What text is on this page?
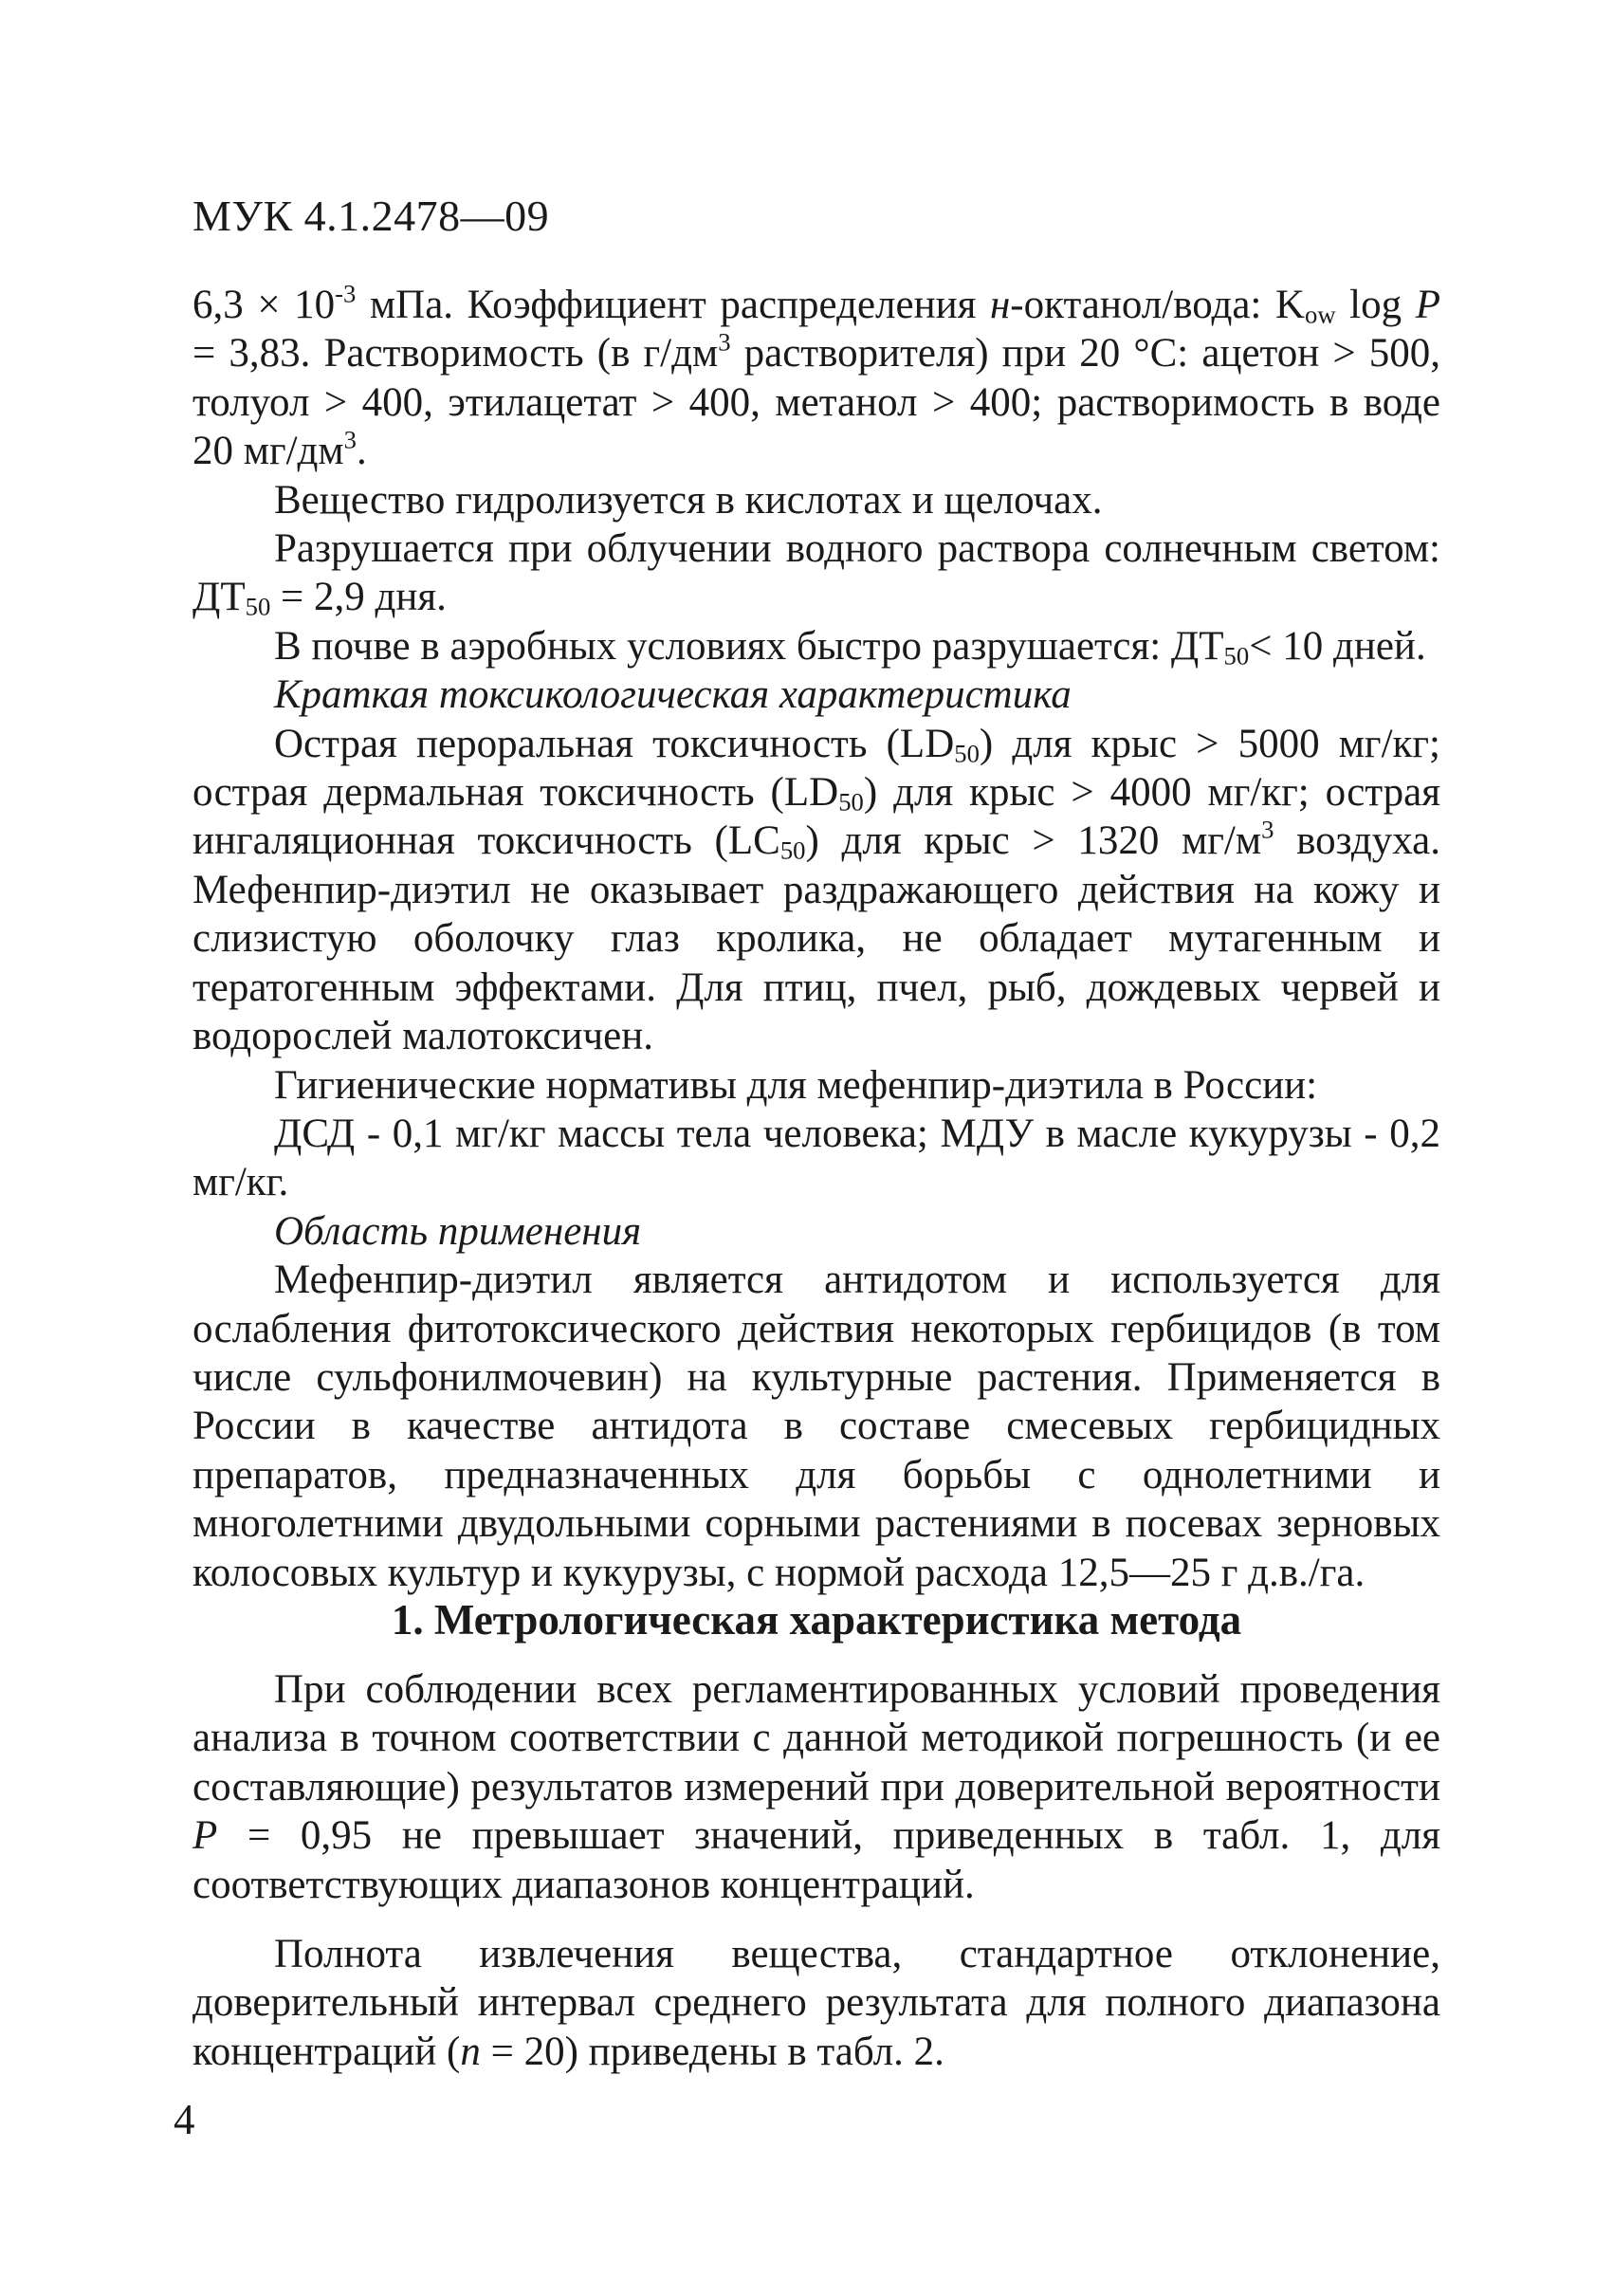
МУК 4.1.2478—09

$6,3 \times 10^{-3}$ мПа. Коэффициент распределения н-октанол/вода: $K_{ow}$ log P = 3,83. Растворимость (в $г/дм^3$ растворителя) при 20 °C: ацетон > 500, толуол > 400, этилацетат > 400, метанол > 400; растворимость в воде 20 $мг/дм^3$.

Вещество гидролизуется в кислотах и щелочах.

Разрушается при облучении водного раствора солнечным светом: $ДТ_{50} = 2,9$ дня.

В почве в аэробных условиях быстро разрушается: $ДТ_{50}< 10$ дней.

Краткая токсикологическая характеристика

Острая пероральная токсичность $(LD_{50})$ для крыс > 5000 мг/кг; острая дермальная токсичность $(LD_{50})$ для крыс > 4000 мг/кг; острая ингаляционная токсичность $(LC_{50})$ для крыс > 1320 $мг/м^3$ воздуха. Мефенпир-диэтил не оказывает раздражающего действия на кожу и слизистую оболочку глаз кролика, не обладает мутагенным и тератогенным эффектами. Для птиц, пчел, рыб, дождевых червей и водорослей малотоксичен.

Гигиенические нормативы для мефенпир-диэтила в России:

ДСД - 0,1 мг/кг массы тела человека; МДУ в масле кукурузы - 0,2 мг/кг.

Область применения

Мефенпир-диэтил является антидотом и используется для ослабления фитотоксического действия некоторых гербицидов (в том числе сульфонилмочевин) на культурные растения. Применяется в России в качестве антидота в составе смесевых гербицидных препаратов, предназначенных для борьбы с однолетними и многолетними двудольными сорными растениями в посевах зерновых колосовых культур и кукурузы, с нормой расхода 12,5—25 г д.в./га.

1. Метрологическая характеристика метода

При соблюдении всех регламентированных условий проведения анализа в точном соответствии с данной методикой погрешность (и ее составляющие) результатов измерений при доверительной вероятности P = 0,95 не превышает значений, приведенных в табл. 1, для соответствующих диапазонов концентраций.

Полнота извлечения вещества, стандартное отклонение, доверительный интервал среднего результата для полного диапазона концентраций (n = 20) приведены в табл. 2.

4
